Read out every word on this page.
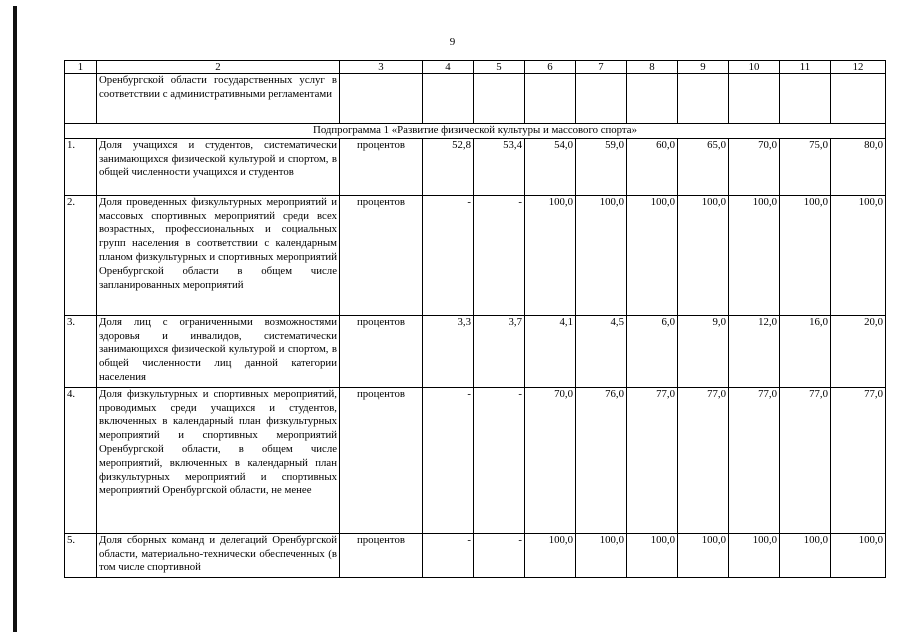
9
1	2	3	4	5	6	7	8	9	10	11	12
	Оренбургской области государственных услуг в соответствии с административными регламентами										
Подпрограмма 1 «Развитие физической культуры и массового спорта»											
1.	Доля учащихся и студентов, систематически занимающихся физической культурой и спортом, в общей численности учащихся и студентов	процентов	52,8	53,4	54,0	59,0	60,0	65,0	70,0	75,0	80,0
2.	Доля проведенных физкультурных мероприятий и массовых спортивных мероприятий среди всех возрастных, профессиональных и социальных групп населения в соответствии с календарным планом физкультурных и спортивных мероприятий Оренбургской области в общем числе запланированных мероприятий	процентов	-	-	100,0	100,0	100,0	100,0	100,0	100,0	100,0
3.	Доля лиц с ограниченными возможностями здоровья и инвалидов, систематически занимающихся физической культурой и спортом, в общей численности лиц данной категории населения	процентов	3,3	3,7	4,1	4,5	6,0	9,0	12,0	16,0	20,0
4.	Доля физкультурных и спортивных мероприятий, проводимых среди учащихся и студентов, включенных в календарный план физкультурных мероприятий и спортивных мероприятий Оренбургской области, в общем числе мероприятий, включенных в календарный план физкультурных мероприятий и спортивных мероприятий Оренбургской области, не менее	процентов	-	-	70,0	76,0	77,0	77,0	77,0	77,0	77,0
5.	Доля сборных команд и делегаций Оренбургской области, материально-технически обеспеченных (в том числе спортивной	процентов	-	-	100,0	100,0	100,0	100,0	100,0	100,0	100,0
